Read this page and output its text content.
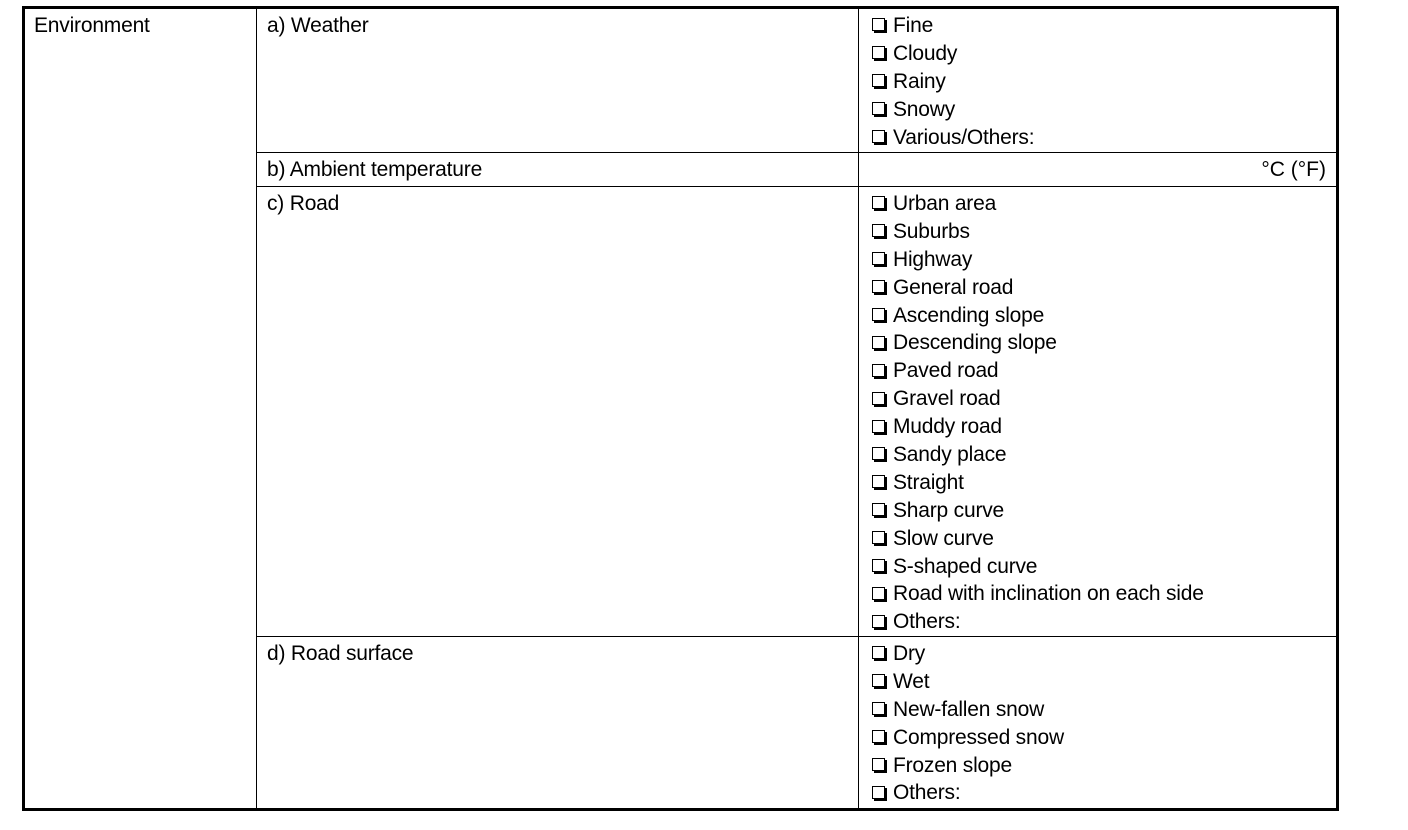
Environment	a) Weather	Fine
Cloudy
Rainy
Snowy
Various/Others:
b) Ambient temperature	°C (°F)
c) Road	Urban area
Suburbs
Highway
General road
Ascending slope
Descending slope
Paved road
Gravel road
Muddy road
Sandy place
Straight
Sharp curve
Slow curve
S-shaped curve
Road with inclination on each side
Others:
d) Road surface	Dry
Wet
New-fallen snow
Compressed snow
Frozen slope
Others:
